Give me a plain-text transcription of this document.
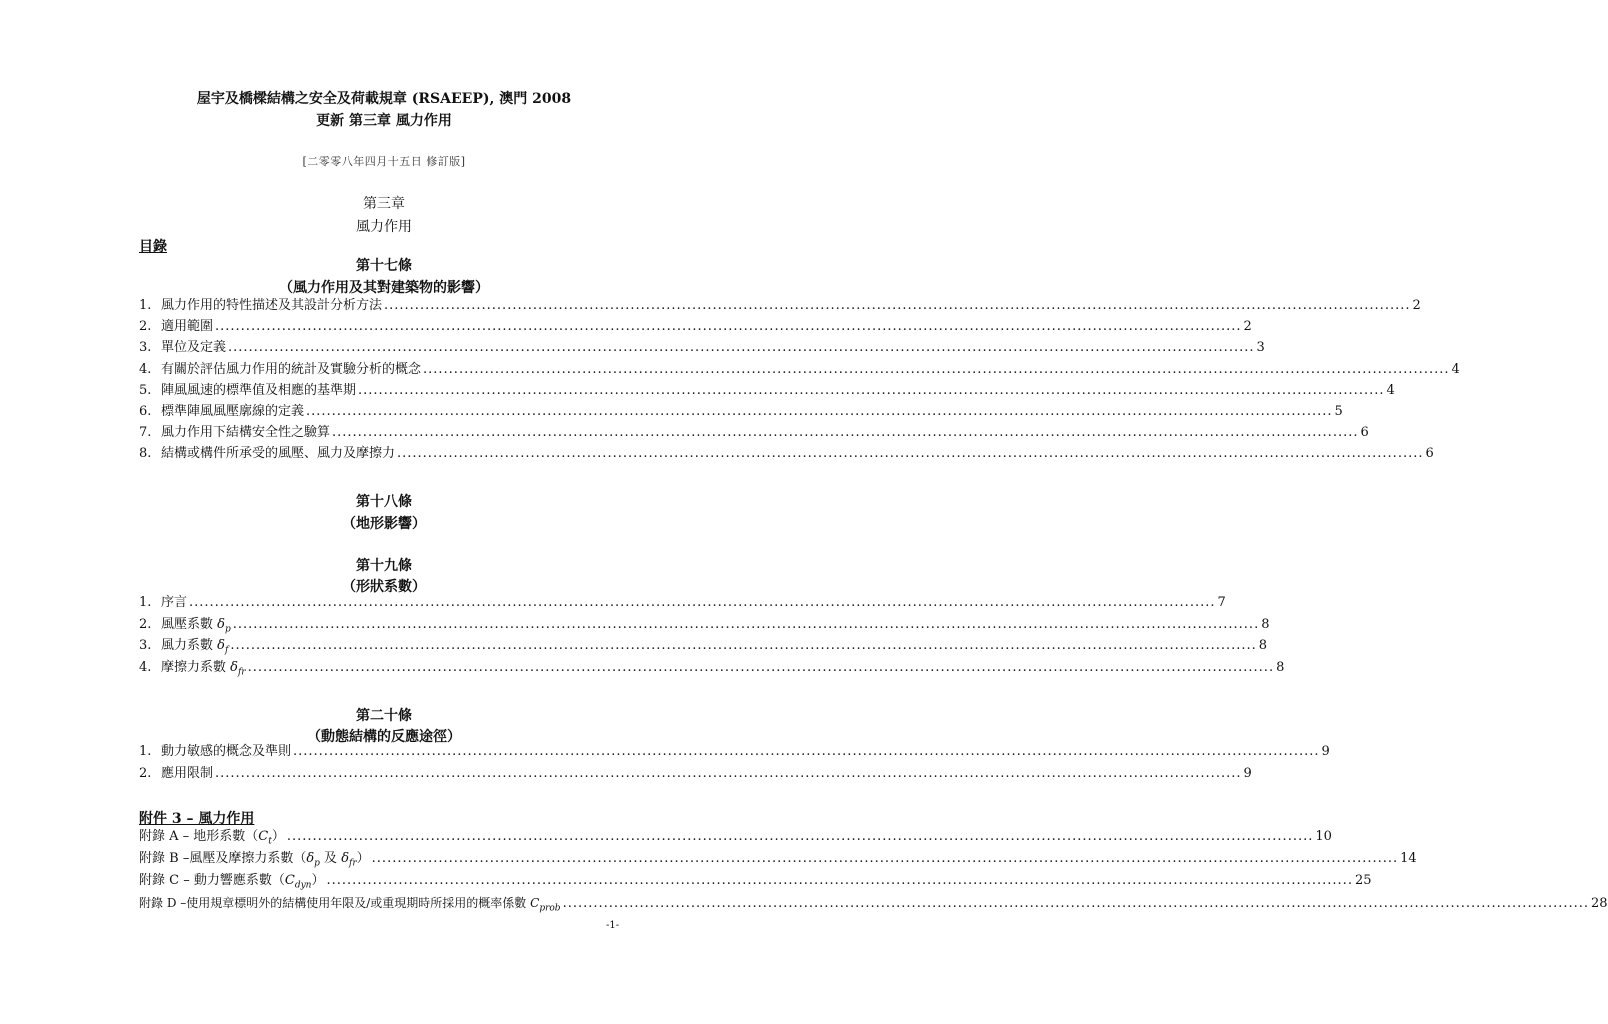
屋宇及橋樑結構之安全及荷載規章 (RSAEEP), 澳門 2008
更新 第三章 風力作用
[二零零八年四月十五日 修訂版]
第三章
風力作用
目錄
第十七條
（風力作用及其對建築物的影響）
1. 風力作用的特性描述及其設計分析方法 ........................................................................................................................................................................................................ 2
2. 適用範圍 ........................................................................................................................................................................................................ 2
3. 單位及定義 ........................................................................................................................................................................................................ 3
4. 有關於評估風力作用的統計及實驗分析的概念 ........................................................................................................................................................................................................ 4
5. 陣風風速的標準值及相應的基準期 ........................................................................................................................................................................................................ 4
6. 標準陣風風壓廓線的定義 ........................................................................................................................................................................................................ 5
7. 風力作用下結構安全性之驗算 ........................................................................................................................................................................................................ 6
8. 結構或構件所承受的風壓、風力及摩擦力 ........................................................................................................................................................................................................ 6
第十八條
（地形影響）
第十九條
（形狀系數）
1. 序言 ........................................................................................................................................................................................................ 7
2. 風壓系數 $\delta_p$ ........................................................................................................................................................................................................ 8
3. 風力系數 $\delta_f$ ........................................................................................................................................................................................................ 8
4. 摩擦力系數 $\delta_{fr}$ ........................................................................................................................................................................................................ 8
第二十條
（動態結構的反應途徑）
1. 動力敏感的概念及準則 ........................................................................................................................................................................................................ 9
2. 應用限制 ........................................................................................................................................................................................................ 9
附件 3 – 風力作用
附錄 A – 地形系數$(C_t)$ ........................................................................................................................................................................................................ 10
附錄 B –風壓及摩擦力系數（$\delta_p$ 及 $\delta_{fr}$） ........................................................................................................................................................................................................ 14
附錄 C – 動力響應系數$(C_{dyn})$ ........................................................................................................................................................................................................ 25
附錄 D –使用規章標明外的結構使用年限及/或重現期時所採用的概率係數 $C_{prob}$ ........................................................................................................................................................................................................ 28
-1-
